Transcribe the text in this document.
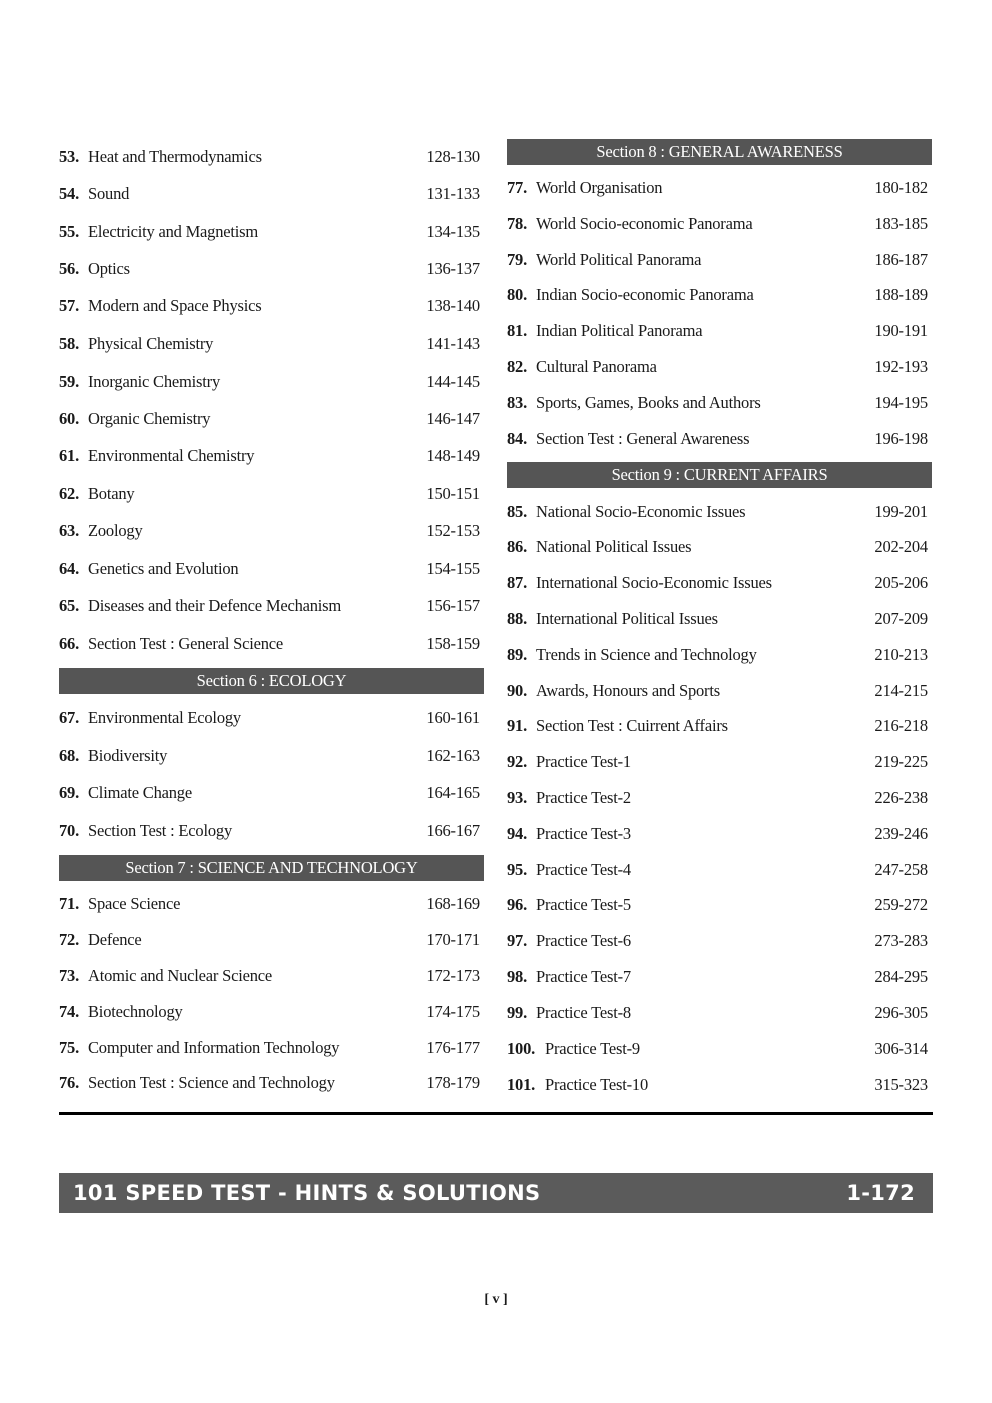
53. Heat and Thermodynamics	128-130
54. Sound	131-133
55. Electricity and Magnetism	134-135
56. Optics	136-137
57. Modern and Space Physics	138-140
58. Physical Chemistry	141-143
59. Inorganic Chemistry	144-145
60. Organic Chemistry	146-147
61. Environmental Chemistry	148-149
62. Botany	150-151
63. Zoology	152-153
64. Genetics and Evolution	154-155
65. Diseases and their Defence Mechanism	156-157
66. Section Test : General Science	158-159
Section 6 : ECOLOGY
67. Environmental Ecology	160-161
68. Biodiversity	162-163
69. Climate Change	164-165
70. Section Test : Ecology	166-167
Section 7 : SCIENCE AND TECHNOLOGY
71. Space Science	168-169
72. Defence	170-171
73. Atomic and Nuclear Science	172-173
74. Biotechnology	174-175
75. Computer and Information Technology	176-177
76. Section Test : Science and Technology	178-179
Section 8 : GENERAL AWARENESS
77. World Organisation	180-182
78. World Socio-economic Panorama	183-185
79. World Political Panorama	186-187
80. Indian Socio-economic Panorama	188-189
81. Indian Political Panorama	190-191
82. Cultural Panorama	192-193
83. Sports, Games, Books and Authors	194-195
84. Section Test : General Awareness	196-198
Section 9 : CURRENT AFFAIRS
85. National Socio-Economic Issues	199-201
86. National Political Issues	202-204
87. International Socio-Economic Issues	205-206
88. International Political Issues	207-209
89. Trends in Science and Technology	210-213
90. Awards, Honours and Sports	214-215
91. Section Test : Cuirrent Affairs	216-218
92. Practice Test-1	219-225
93. Practice Test-2	226-238
94. Practice Test-3	239-246
95. Practice Test-4	247-258
96. Practice Test-5	259-272
97. Practice Test-6	273-283
98. Practice Test-7	284-295
99. Practice Test-8	296-305
100. Practice Test-9	306-314
101. Practice Test-10	315-323
101 SPEED TEST - HINTS & SOLUTIONS	1-172
[ v ]
